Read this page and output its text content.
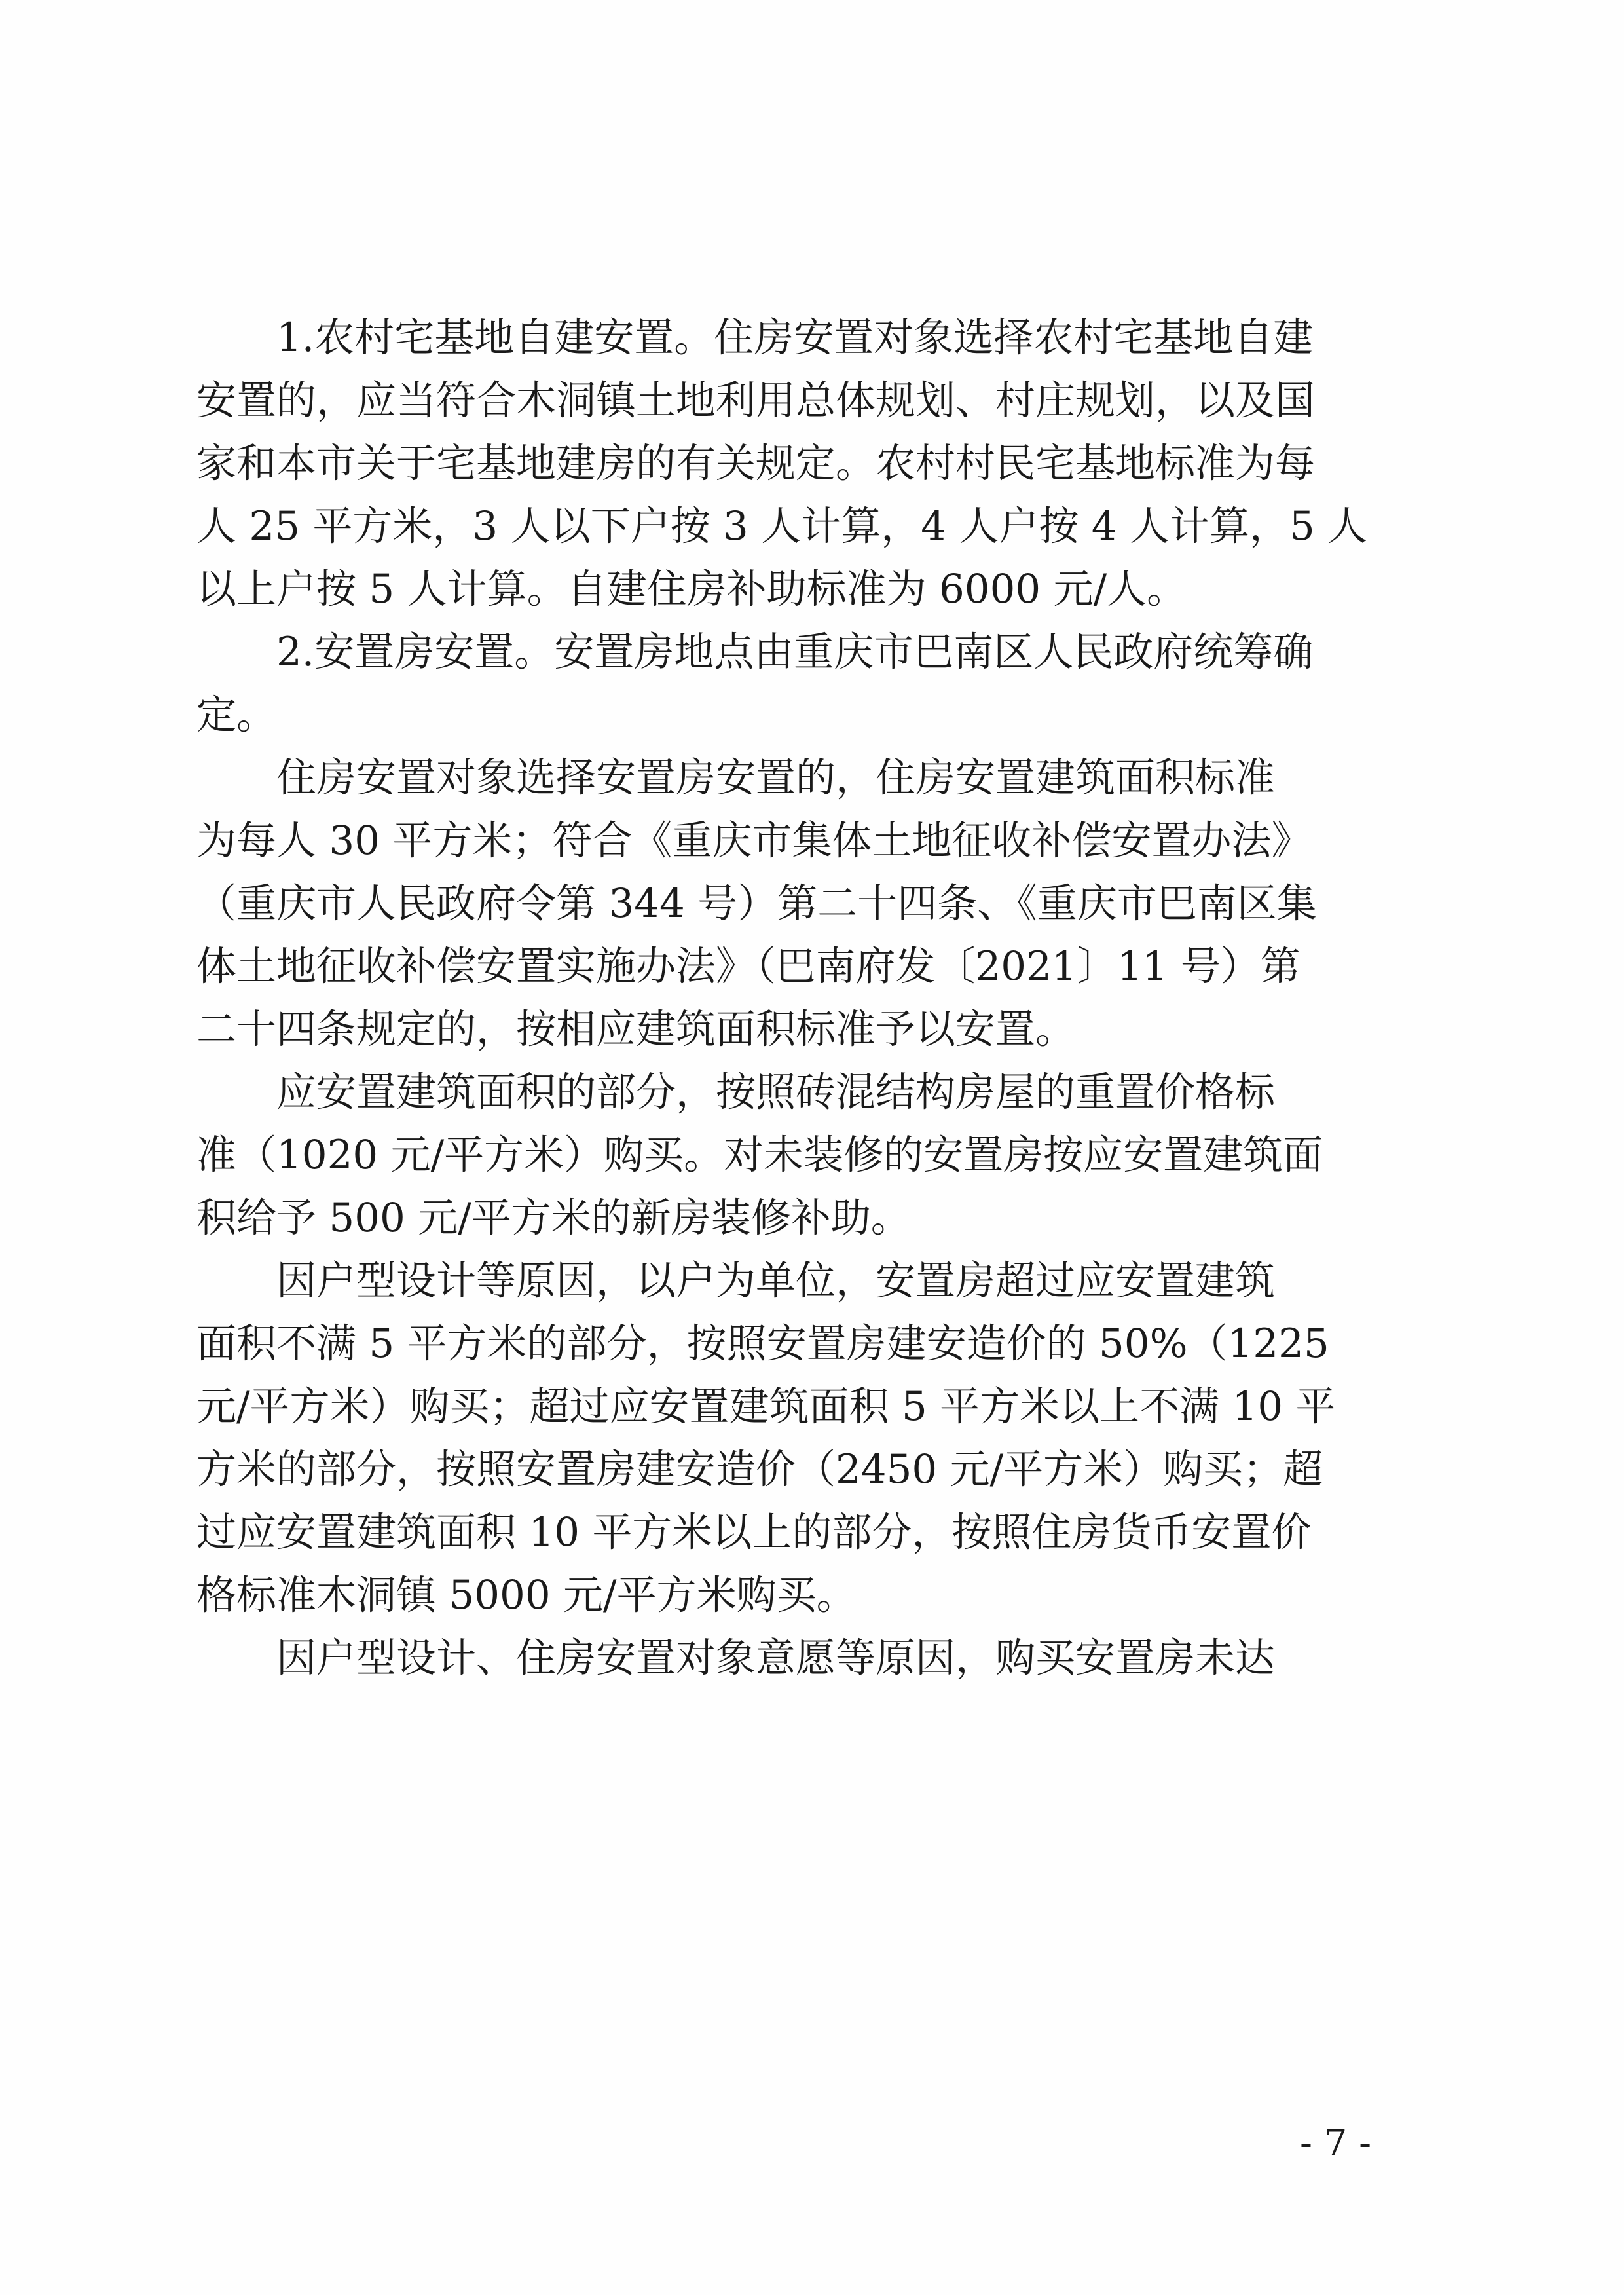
1.农村宅基地自建安置。住房安置对象选择农村宅基地自建
安置的，应当符合木洞镇土地利用总体规划、村庄规划，以及国
家和本市关于宅基地建房的有关规定。农村村民宅基地标准为每
人 25 平方米，3 人以下户按 3 人计算，4 人户按 4 人计算，5 人
以上户按 5 人计算。自建住房补助标准为 6000 元/人。
2.安置房安置。安置房地点由重庆市巴南区人民政府统筹确
定。
住房安置对象选择安置房安置的，住房安置建筑面积标准
为每人 30 平方米；符合《重庆市集体土地征收补偿安置办法》
（重庆市人民政府令第 344 号）第二十四条、《重庆市巴南区集
体土地征收补偿安置实施办法》（巴南府发〔2021〕11 号）第
二十四条规定的，按相应建筑面积标准予以安置。
应安置建筑面积的部分，按照砖混结构房屋的重置价格标
准（1020 元/平方米）购买。对未装修的安置房按应安置建筑面
积给予 500 元/平方米的新房装修补助。
因户型设计等原因，以户为单位，安置房超过应安置建筑
面积不满 5 平方米的部分，按照安置房建安造价的 50%（1225
元/平方米）购买；超过应安置建筑面积 5 平方米以上不满 10 平
方米的部分，按照安置房建安造价（2450 元/平方米）购买；超
过应安置建筑面积 10 平方米以上的部分，按照住房货币安置价
格标准木洞镇 5000 元/平方米购买。
因户型设计、住房安置对象意愿等原因，购买安置房未达
- 7 -
